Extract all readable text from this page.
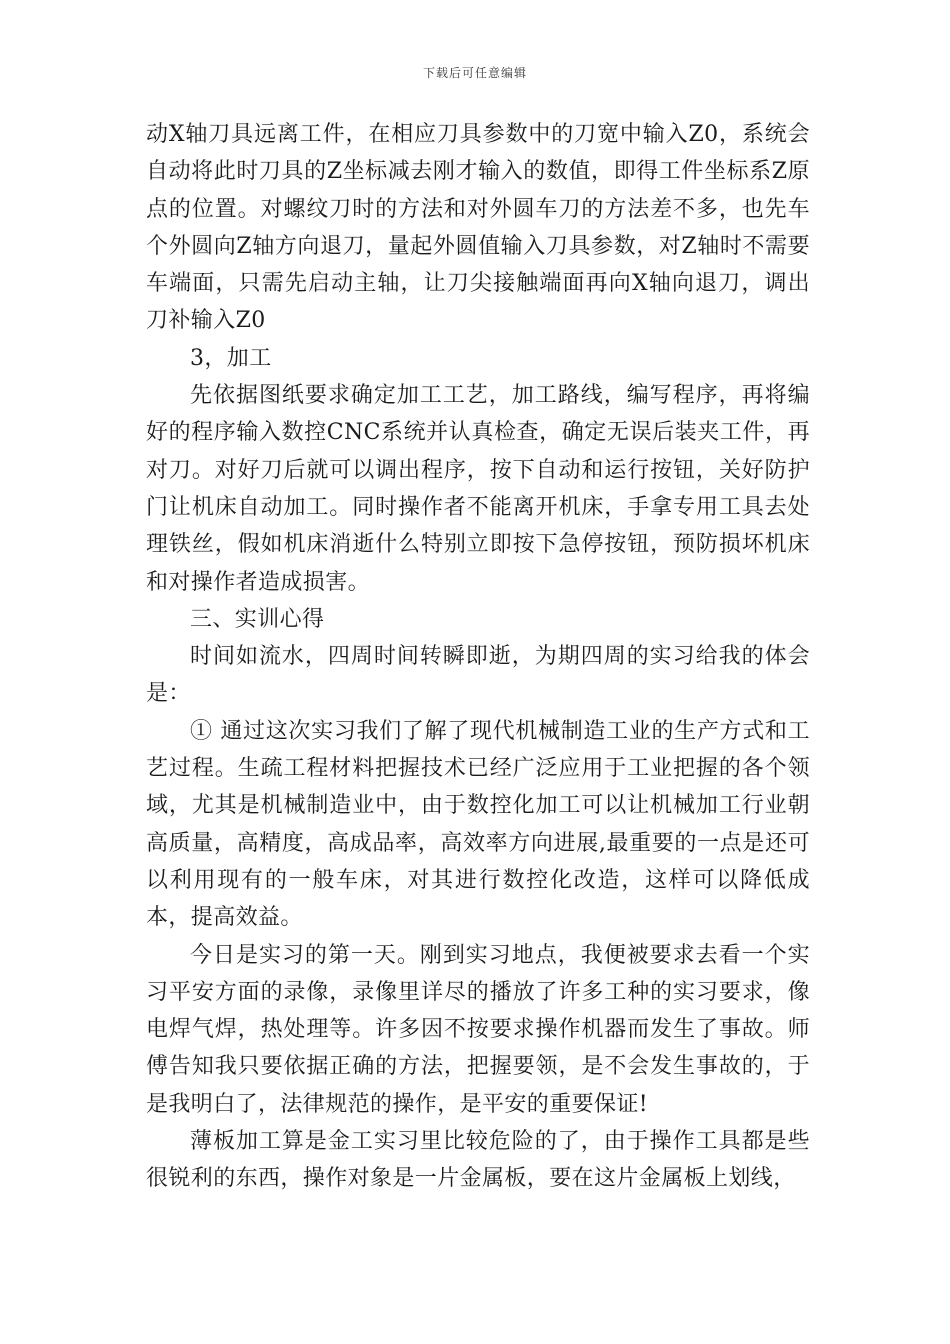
下载后可任意编辑

动X轴刀具远离工件，在相应刀具参数中的刀宽中输入Z0，系统会自动将此时刀具的Z坐标减去刚才输入的数值，即得工件坐标系Z原点的位置。对螺纹刀时的方法和对外圆车刀的方法差不多，也先车个外圆向Z轴方向退刀，量起外圆值输入刀具参数，对Z轴时不需要车端面，只需先启动主轴，让刀尖接触端面再向X轴向退刀，调出刀补输入Z0

3，加工

先依据图纸要求确定加工工艺，加工路线，编写程序，再将编好的程序输入数控CNC系统并认真检查，确定无误后装夹工件，再对刀。对好刀后就可以调出程序，按下自动和运行按钮，关好防护门让机床自动加工。同时操作者不能离开机床，手拿专用工具去处理铁丝，假如机床消逝什么特别立即按下急停按钮，预防损坏机床和对操作者造成损害。

三、实训心得

时间如流水，四周时间转瞬即逝，为期四周的实习给我的体会是：

① 通过这次实习我们了解了现代机械制造工业的生产方式和工艺过程。生疏工程材料把握技术已经广泛应用于工业把握的各个领域，尤其是机械制造业中，由于数控化加工可以让机械加工行业朝高质量，高精度，高成品率，高效率方向进展,最重要的一点是还可以利用现有的一般车床，对其进行数控化改造，这样可以降低成本，提高效益。

今日是实习的第一天。刚到实习地点，我便被要求去看一个实习平安方面的录像，录像里详尽的播放了许多工种的实习要求，像电焊气焊，热处理等。许多因不按要求操作机器而发生了事故。师傅告知我只要依据正确的方法，把握要领，是不会发生事故的，于是我明白了，法律规范的操作，是平安的重要保证!

薄板加工算是金工实习里比较危险的了，由于操作工具都是些很锐利的东西，操作对象是一片金属板，要在这片金属板上划线，
